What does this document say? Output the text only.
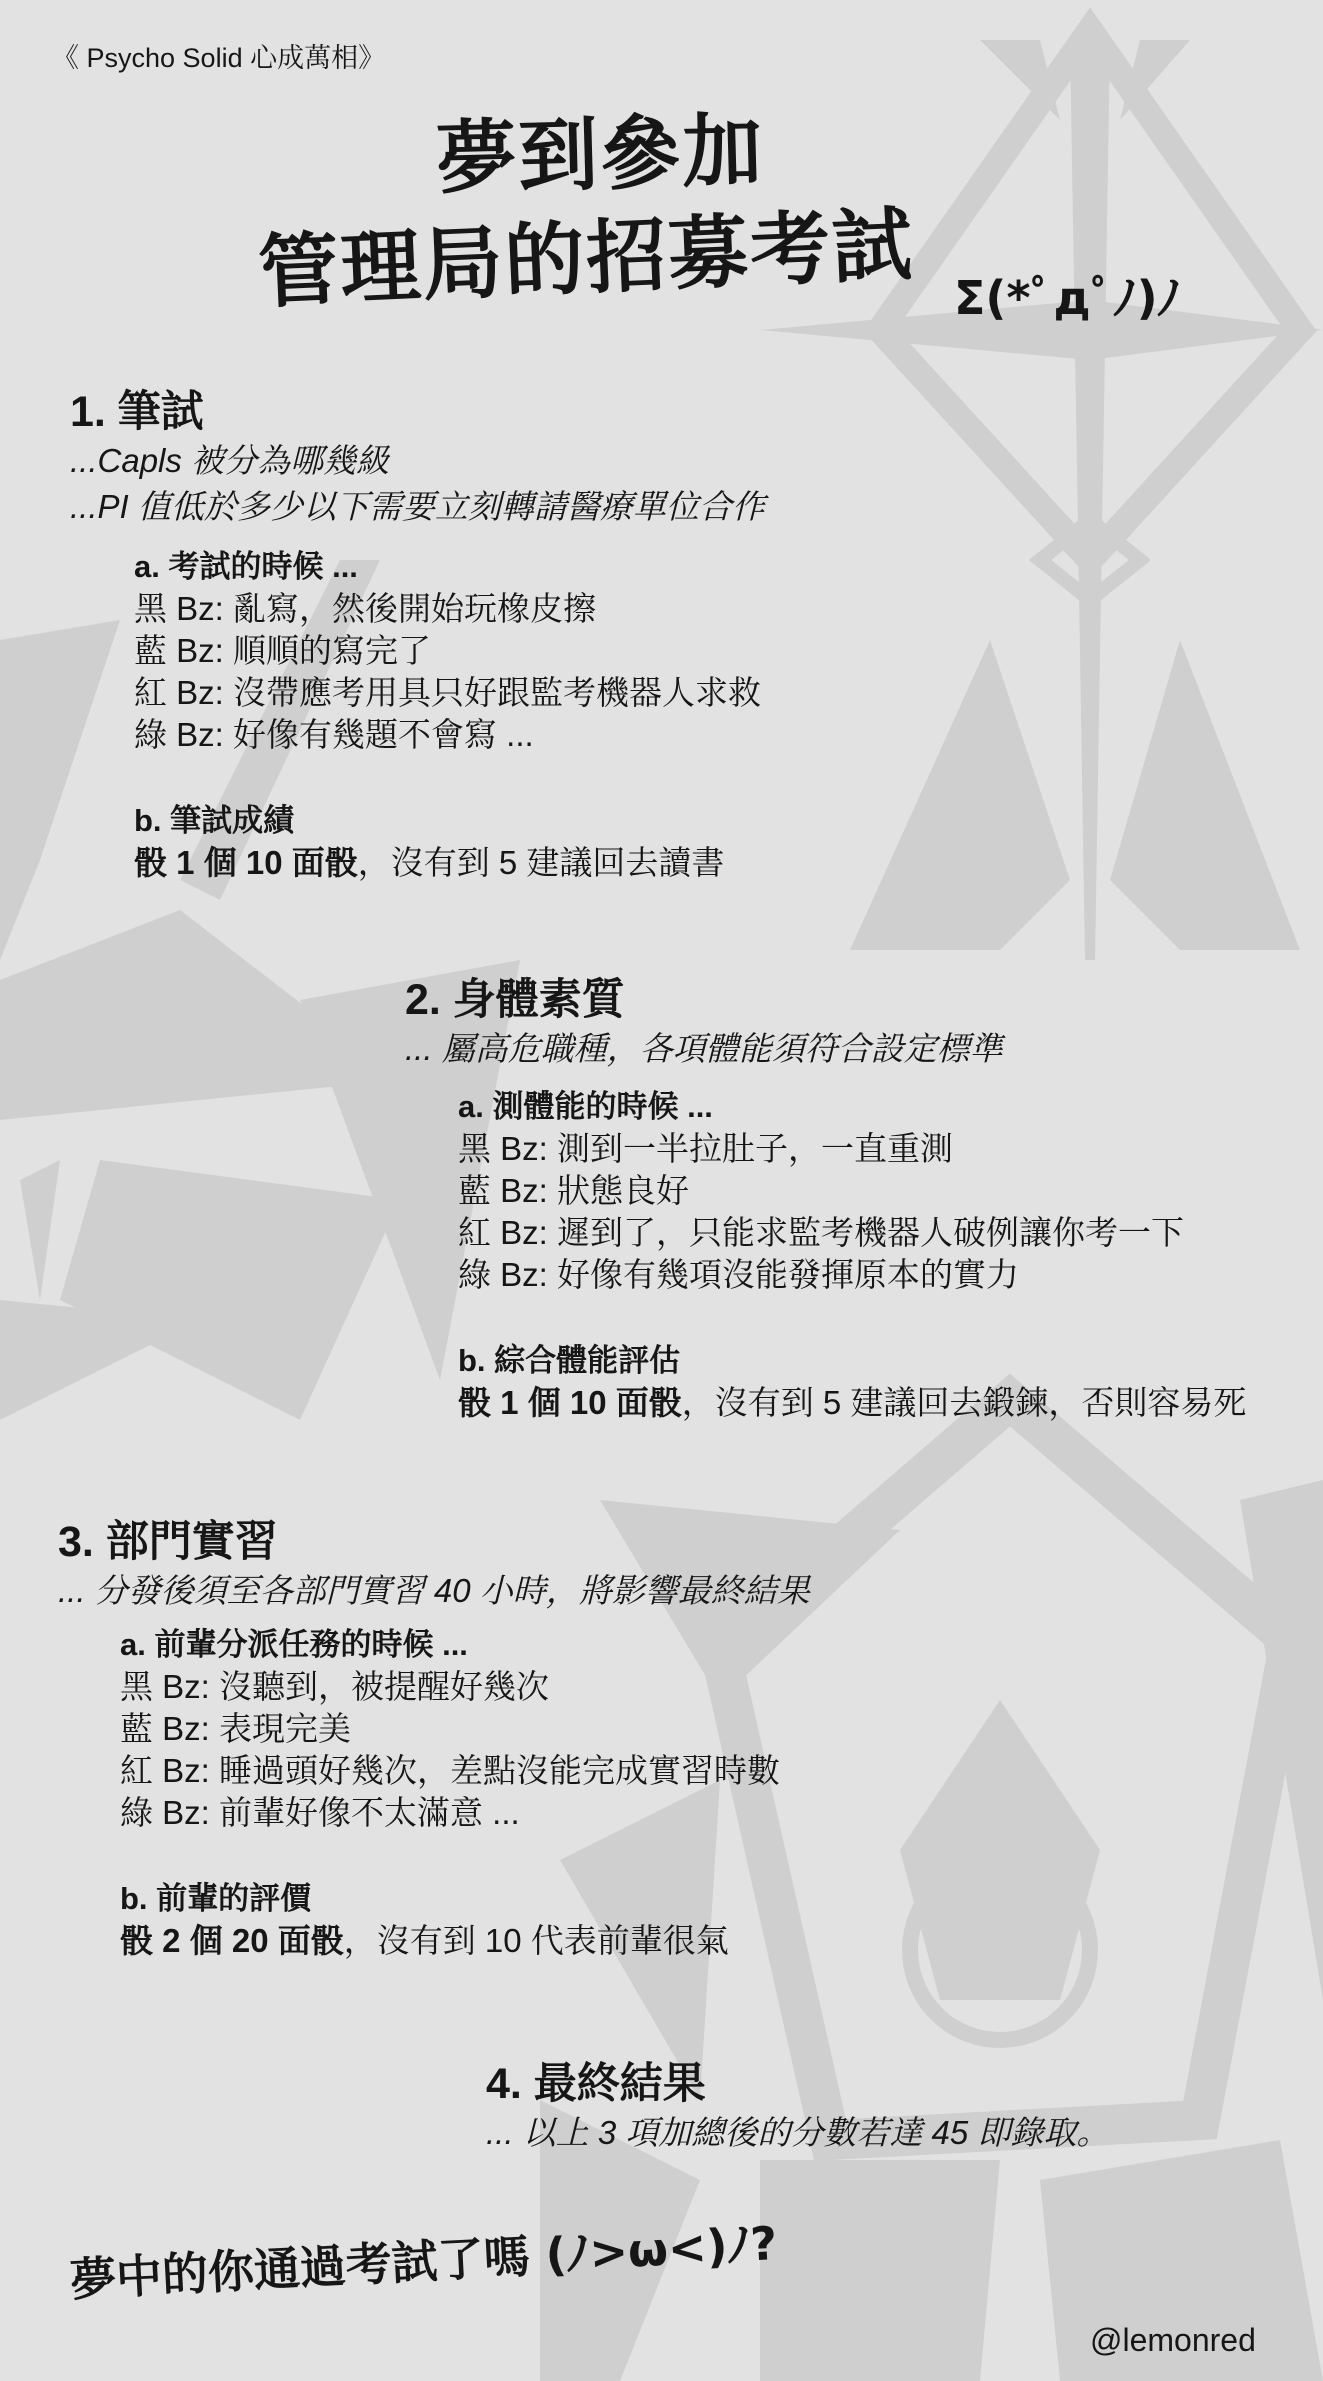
《 Psycho Solid 心成萬相》
夢到參加
管理局的招募考試 Σ(*ﾟдﾟﾉ)ﾉ
1. 筆試
...Capls 被分為哪幾級
...PI 值低於多少以下需要立刻轉請醫療單位合作
a. 考試的時候 ...
黑 Bz: 亂寫，然後開始玩橡皮擦
藍 Bz: 順順的寫完了
紅 Bz: 沒帶應考用具只好跟監考機器人求救
綠 Bz: 好像有幾題不會寫 ...
b. 筆試成績
骰 1 個 10 面骰，沒有到 5 建議回去讀書
2. 身體素質
... 屬高危職種，各項體能須符合設定標準
a. 測體能的時候 ...
黑 Bz: 測到一半拉肚子，一直重測
藍 Bz: 狀態良好
紅 Bz: 遲到了，只能求監考機器人破例讓你考一下
綠 Bz: 好像有幾項沒能發揮原本的實力
b. 綜合體能評估
骰 1 個 10 面骰，沒有到 5 建議回去鍛鍊，否則容易死
3. 部門實習
... 分發後須至各部門實習 40 小時，將影響最終結果
a. 前輩分派任務的時候 ...
黑 Bz: 沒聽到，被提醒好幾次
藍 Bz: 表現完美
紅 Bz: 睡過頭好幾次，差點沒能完成實習時數
綠 Bz: 前輩好像不太滿意 ...
b. 前輩的評價
骰 2 個 20 面骰，沒有到 10 代表前輩很氣
4. 最終結果
... 以上 3 項加總後的分數若達 45 即錄取。
夢中的你通過考試了嗎 (ﾉ>ω<)ﾉ?
@lemonred
